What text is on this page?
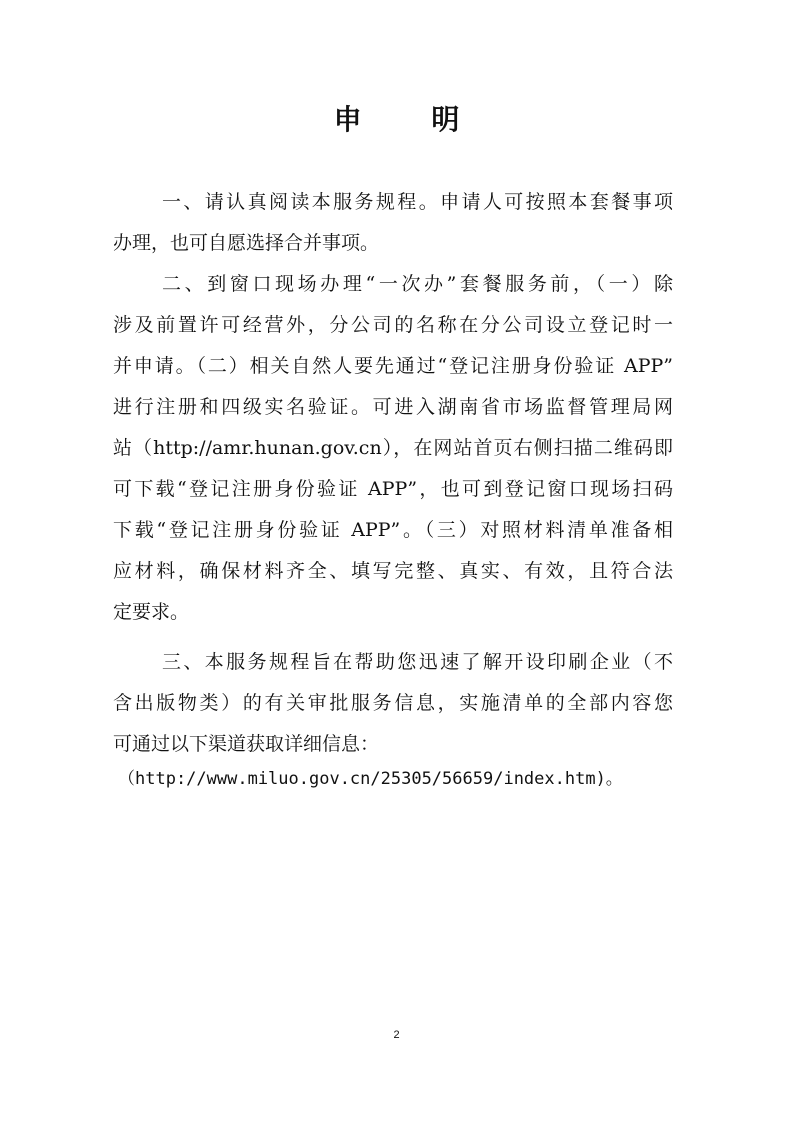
申 明
一、请认真阅读本服务规程。申请人可按照本套餐事项
办理，也可自愿选择合并事项。
二、到窗口现场办理“一次办”套餐服务前，（一）除
涉及前置许可经营外，分公司的名称在分公司设立登记时一
并申请。（二）相关自然人要先通过“登记注册身份验证 APP”
进行注册和四级实名验证。可进入湖南省市场监督管理局网
站（http://amr.hunan.gov.cn），在网站首页右侧扫描二维码即
可下载“登记注册身份验证 APP”，也可到登记窗口现场扫码
下载“登记注册身份验证 APP”。（三）对照材料清单准备相
应材料，确保材料齐全、填写完整、真实、有效，且符合法
定要求。
三、本服务规程旨在帮助您迅速了解开设印刷企业（不
含出版物类）的有关审批服务信息，实施清单的全部内容您
可通过以下渠道获取详细信息：
（http://www.miluo.gov.cn/25305/56659/index.htm)。
2
